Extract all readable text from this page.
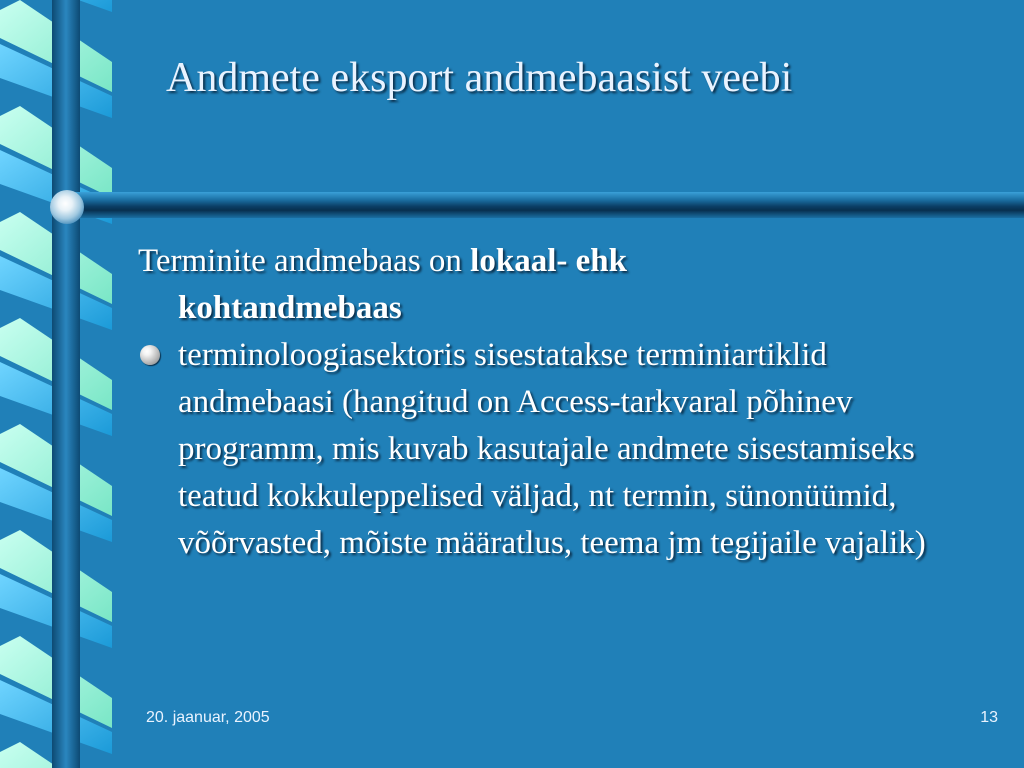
Andmete eksport andmebaasist veebi

Terminite andmebaas on lokaal- ehk
kohtandmebaas

terminoloogiasektoris sisestatakse terminiartiklid andmebaasi (hangitud on Access-tarkvaral põhinev programm, mis kuvab kasutajale andmete sisestamiseks teatud kokkuleppelised väljad, nt termin, sünonüümid, võõrvasted, mõiste määratlus, teema jm tegijaile vajalik)
20. jaanuar, 2005	13
